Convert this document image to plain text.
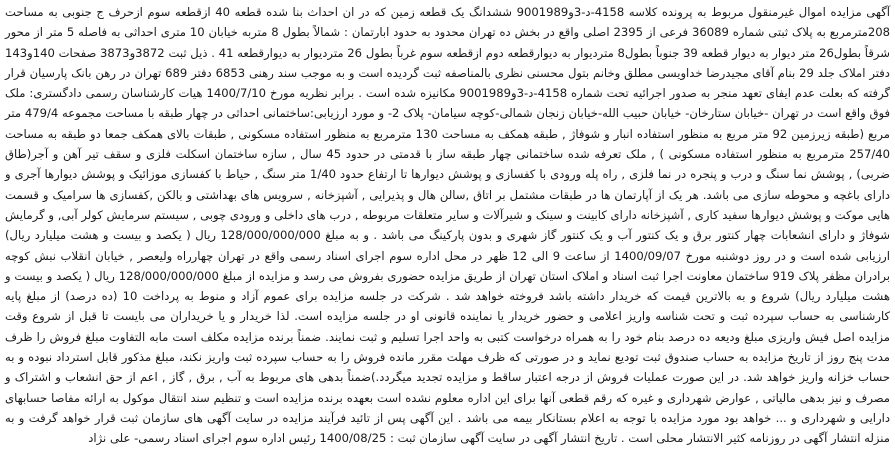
آگهی مزایده اموال غیرمنقول مربوط به پرونده کلاسه 4158-د-3و9001989 ششدانگ یک قطعه زمین که در ان احداث بنا شده قطعه 40 ازقطعه سوم ازحرف ج جنوبی به مساحت 208مترمربع به پلاک ثبتی شماره 36089 فرعی از 2395 اصلی واقع در بخش ده تهران محدود به حدود ابارتمان : شمالاً بطول 8 متربه خیابان 10 متری احداثی به فاصله 5 متر از محور شرقاً بطول26 متر دیوار به دیوار قطعه 39 جنوباً بطول8 متردیوار به دیوارقطعه دوم ازقطعه سوم غرباً بطول 26 متردیوار به دیوارقطعه 41 . ذیل ثبت 3872و3873 صفحات 140و143 دفتر املاک جلد 29 بنام آقای مجیدرضا خداویسی مطلق وخانم بتول محسنی نظری بالمناصفه ثبت گردیده است و به موجب سند رهنی 6853 دفتر 689 تهران در رهن بانک پارسیان قرار گرفته که بعلت عدم ایفای تعهد منجر به صدور اجرائیه تحت شماره 4158-د-3و9001989 مکانیزه شده است . برابر نظریه مورخ 1400/7/10 هیات کارشناسان رسمی دادگستری: ملک فوق واقع است در تهران -خیابان ستارخان- خیابان حبیب الله-خیابان زنجان شمالی-کوچه سیامان- پلاک 2- و مورد ارزیابی:ساختمانی احداثی در چهار طبقه با مساحت مجموعه 479/4 متر مربع (طبقه زیرزمین 92 متر مربع به منظور استفاده انبار و شوفاژ , طبقه همکف به مساحت 130 مترمربع به منظور استفاده مسکونی , طبقات بالای همکف جمعا دو طبقه به مساحت 257/40 مترمربع به منظور استفاده مسکونی ) , ملک تعرفه شده ساختمانی چهار طبقه ساز با قدمتی در حدود 45 سال , سازه ساختمان اسکلت فلزی و سقف تیر آهن و آجر(طاق ضربی) , پوشش نما سنگ و درب و پنجره در نما فلزی , راه پله ورودی با کفسازی و پوشش دیوارها تا ارتفاع حدود 1/40 متر سنگ , حیاط با کفسازی موزائیک و پوشش دیوارها آجری و دارای باغچه و محوطه سازی می باشد. هر یک از آپارتمان ها در طبقات مشتمل بر اتاق ,سالن هال و پذیرایی , آشپزخانه , سرویس های بهداشتی و بالکن ,کفسازی ها سرامیک و قسمت هایی موکت و پوشش دیوارها سفید کاری , آشپزخانه دارای کابینت و سینک و شیرآلات و سایر متعلقات مربوطه , درب های داخلی و ورودی چوبی , سیستم سرمایش کولر آبی, و گرمایش شوفاژ و دارای انشعابات چهار کنتور برق و یک کنتور آب و یک کنتور گاز شهری و بدون پارکینگ می باشد . و به مبلغ 128/000/000/000 ریال ( یکصد و بیست و هشت میلیارد ریال) ارزیابی شده است و در روز دوشنبه مورخ 1400/09/07 از ساعت 9 الی 12 ظهر در محل اداره سوم اجرای اسناد رسمی واقع در تهران چهارراه ولیعصر , خیابان انقلاب نبش کوچه برادران مظفر پلاک 919 ساختمان معاونت اجرا ثبت اسناد و املاک استان تهران از طریق مزایده حضوری بفروش می رسد و مزایده از مبلغ 128/000/000/000 ریال ( یکصد و بیست و هشت میلیارد ریال) شروع و به بالاترین قیمت که خریدار داشته باشد فروخته خواهد شد . شرکت در جلسه مزایده برای عموم آزاد و منوط به پرداخت 10 (ده درصد) از مبلغ پایه کارشناسی به حساب سپرده ثبت و تحت شناسه واریز اعلامی و حضور خریدار یا نماینده قانونی او در جلسه مزایده است. لذا خریدار و یا خریداران می بایست تا قبل از شروع وقت مزایده اصل فیش واریزی مبلغ ودیعه ده درصد بنام خود را به همراه درخواست کتبی به واحد اجرا تسلیم و ثبت نمایند. ضمناً برنده مزایده مکلف است مابه التفاوت مبلغ فروش را ظرف مدت پنج روز از تاریخ مزایده به حساب صندوق ثبت تودیع نماید و در صورتی که ظرف مهلت مقرر مانده فروش را به حساب سپرده ثبت واریز نکند، مبلغ مذکور قابل استرداد نبوده و به حساب خزانه واریز خواهد شد. در این صورت عملیات فروش از درجه اعتبار ساقط و مزایده تجدید میگردد.)ضمناً بدهی های مربوط به آب , برق , گاز , اعم از حق انشعاب و اشتراک و مصرف و نیز بدهی مالیاتی , عوارض شهرداری و غیره که رقم قطعی آنها برای این اداره معلوم نشده است بعهده برنده مزایده است و تنظیم سند انتقال موکول به ارائه مفاصا حسابهای دارایی و شهرداری و ... خواهد بود مورد مزایده با توجه به اعلام بستانکار بیمه می باشد . این آگهی پس از تائید فرآیند مزایده در سایت آگهی های سازمان ثبت قرار خواهد گرفت و به منزله انتشار آگهی در روزنامه کثیر الانتشار محلی است . تاریخ انتشار آگهی در سایت آگهی سازمان ثبت : 1400/08/25 رئیس اداره سوم اجرای اسناد رسمی- علی نژاد
